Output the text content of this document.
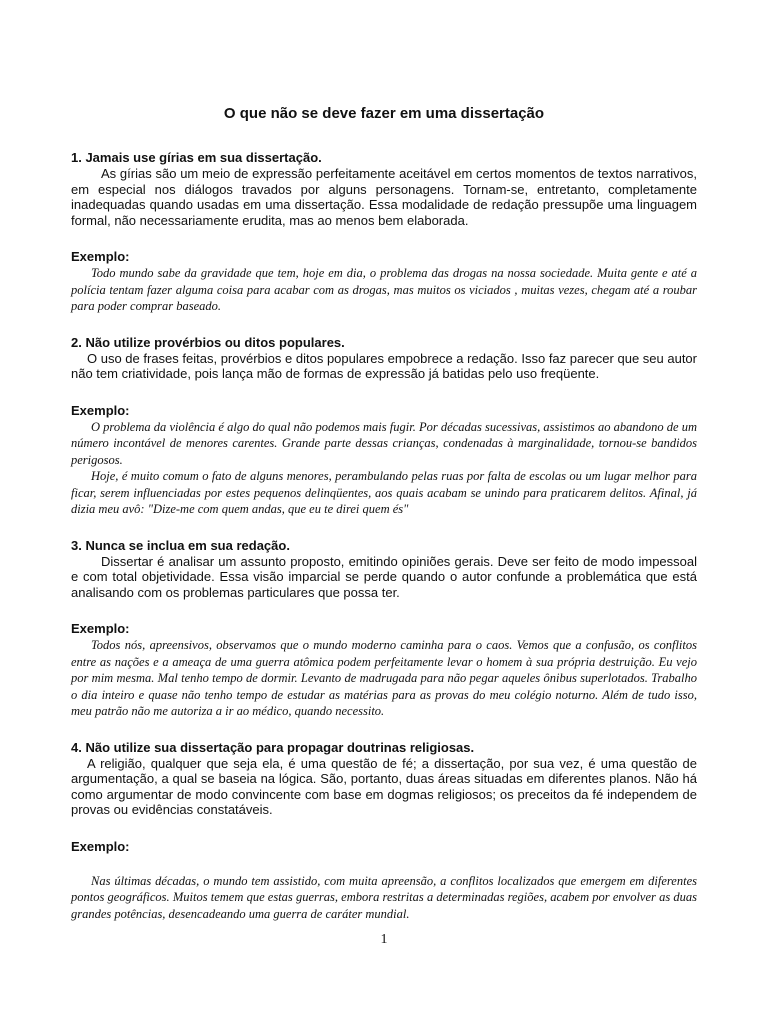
O que não se deve fazer em uma dissertação

1. Jamais use gírias em sua dissertação.

As gírias são um meio de expressão perfeitamente aceitável em certos momentos de textos narrativos, em especial nos diálogos travados por alguns personagens. Tornam-se, entretanto, completamente inadequadas quando usadas em uma dissertação. Essa modalidade de redação pressupõe uma linguagem formal, não necessariamente erudita, mas ao menos bem elaborada.

Exemplo:

Todo mundo sabe da gravidade que tem, hoje em dia, o problema das drogas na nossa sociedade. Muita gente e até a polícia tentam fazer alguma coisa para acabar com as drogas, mas muitos os viciados , muitas vezes, chegam até a roubar para poder comprar baseado.

2. Não utilize provérbios ou ditos populares.

O uso de frases feitas, provérbios e ditos populares empobrece a redação. Isso faz parecer que seu autor não tem criatividade, pois lança mão de formas de expressão já batidas pelo uso freqüente.

Exemplo:

O problema da violência é algo do qual não podemos mais fugir. Por décadas sucessivas, assistimos ao abandono de um número incontável de menores carentes. Grande parte dessas crianças, condenadas à marginalidade, tornou-se bandidos perigosos.

Hoje, é muito comum o fato de alguns menores, perambulando pelas ruas por falta de escolas ou um lugar melhor para ficar, serem influenciadas por estes pequenos delinqüentes, aos quais acabam se unindo para praticarem delitos. Afinal, já dizia meu avô: "Dize-me com quem andas, que eu te direi quem és"

3. Nunca se inclua em sua redação.

Dissertar é analisar um assunto proposto, emitindo opiniões gerais. Deve ser feito de modo impessoal e com total objetividade. Essa visão imparcial se perde quando o autor confunde a problemática que está analisando com os problemas particulares que possa ter.

Exemplo:

Todos nós, apreensivos, observamos que o mundo moderno caminha para o caos. Vemos que a confusão, os conflitos entre as nações e a ameaça de uma guerra atômica podem perfeitamente levar o homem à sua própria destruição. Eu vejo por mim mesma. Mal tenho tempo de dormir. Levanto de madrugada para não pegar aqueles ônibus superlotados. Trabalho o dia inteiro e quase não tenho tempo de estudar as matérias para as provas do meu colégio noturno. Além de tudo isso, meu patrão não me autoriza a ir ao médico, quando necessito.

4. Não utilize sua dissertação para propagar doutrinas religiosas.

A religião, qualquer que seja ela, é uma questão de fé; a dissertação, por sua vez, é uma questão de argumentação, a qual se baseia na lógica. São, portanto, duas áreas situadas em diferentes planos. Não há como argumentar de modo convincente com base em dogmas religiosos; os preceitos da fé independem de provas ou evidências constatáveis.

Exemplo:

Nas últimas décadas, o mundo tem assistido, com muita apreensão, a conflitos localizados que emergem em diferentes pontos geográficos. Muitos temem que estas guerras, embora restritas a determinadas regiões, acabem por envolver as duas grandes potências, desencadeando uma guerra de caráter mundial.

1
